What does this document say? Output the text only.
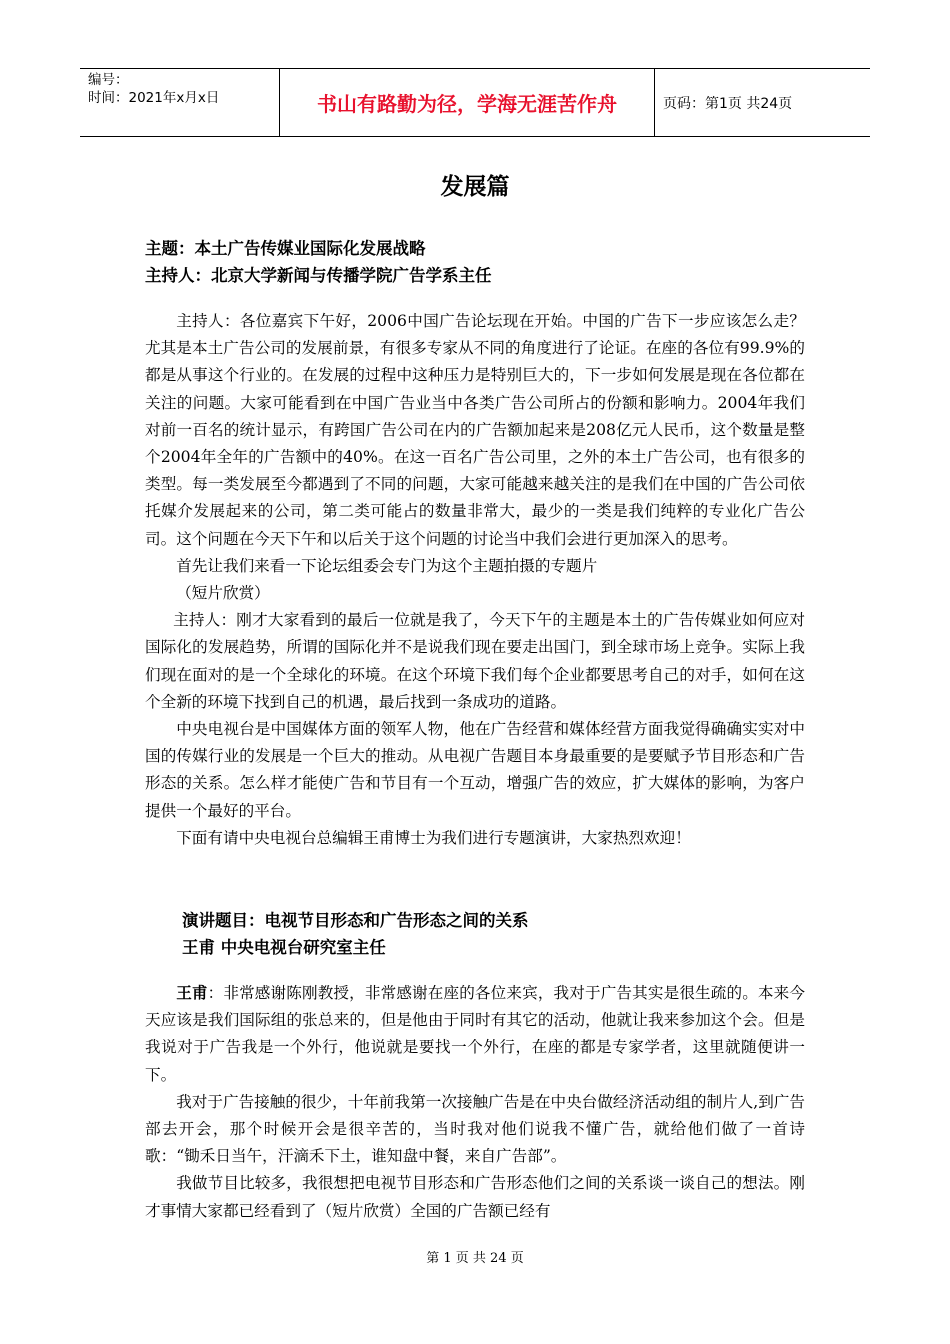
编号：
时间：2021年x月x日	书山有路勤为径，学海无涯苦作舟	页码：第1页 共24页
发展篇
主题：本土广告传媒业国际化发展战略
主持人：北京大学新闻与传播学院广告学系主任

主持人：各位嘉宾下午好，2006中国广告论坛现在开始。中国的广告下一步应该怎么走？尤其是本土广告公司的发展前景，有很多专家从不同的角度进行了论证。在座的各位有99.9%的都是从事这个行业的。在发展的过程中这种压力是特别巨大的，下一步如何发展是现在各位都在关注的问题。大家可能看到在中国广告业当中各类广告公司所占的份额和影响力。2004年我们对前一百名的统计显示，有跨国广告公司在内的广告额加起来是208亿元人民币，这个数量是整个2004年全年的广告额中的40%。在这一百名广告公司里，之外的本土广告公司，也有很多的类型。每一类发展至今都遇到了不同的问题，大家可能越来越关注的是我们在中国的广告公司依托媒介发展起来的公司，第二类可能占的数量非常大，最少的一类是我们纯粹的专业化广告公司。这个问题在今天下午和以后关于这个问题的讨论当中我们会进行更加深入的思考。

首先让我们来看一下论坛组委会专门为这个主题拍摄的专题片

（短片欣赏）

主持人：刚才大家看到的最后一位就是我了，今天下午的主题是本土的广告传媒业如何应对国际化的发展趋势，所谓的国际化并不是说我们现在要走出国门，到全球市场上竞争。实际上我们现在面对的是一个全球化的环境。在这个环境下我们每个企业都要思考自己的对手，如何在这个全新的环境下找到自己的机遇，最后找到一条成功的道路。

中央电视台是中国媒体方面的领军人物，他在广告经营和媒体经营方面我觉得确确实实对中国的传媒行业的发展是一个巨大的推动。从电视广告题目本身最重要的是要赋予节目形态和广告形态的关系。怎么样才能使广告和节目有一个互动，增强广告的效应，扩大媒体的影响，为客户提供一个最好的平台。

下面有请中央电视台总编辑王甫博士为我们进行专题演讲，大家热烈欢迎！

演讲题目：电视节目形态和广告形态之间的关系
王甫 中央电视台研究室主任

王甫：非常感谢陈刚教授，非常感谢在座的各位来宾，我对于广告其实是很生疏的。本来今天应该是我们国际组的张总来的，但是他由于同时有其它的活动，他就让我来参加这个会。但是我说对于广告我是一个外行，他说就是要找一个外行，在座的都是专家学者，这里就随便讲一下。

我对于广告接触的很少，十年前我第一次接触广告是在中央台做经济活动组的制片人,到广告部去开会，那个时候开会是很辛苦的，当时我对他们说我不懂广告，就给他们做了一首诗歌：“锄禾日当午，汗滴禾下土，谁知盘中餐，来自广告部”。

我做节目比较多，我很想把电视节目形态和广告形态他们之间的关系谈一谈自己的想法。刚才事情大家都已经看到了（短片欣赏）全国的广告额已经有

第 1 页 共 24 页
